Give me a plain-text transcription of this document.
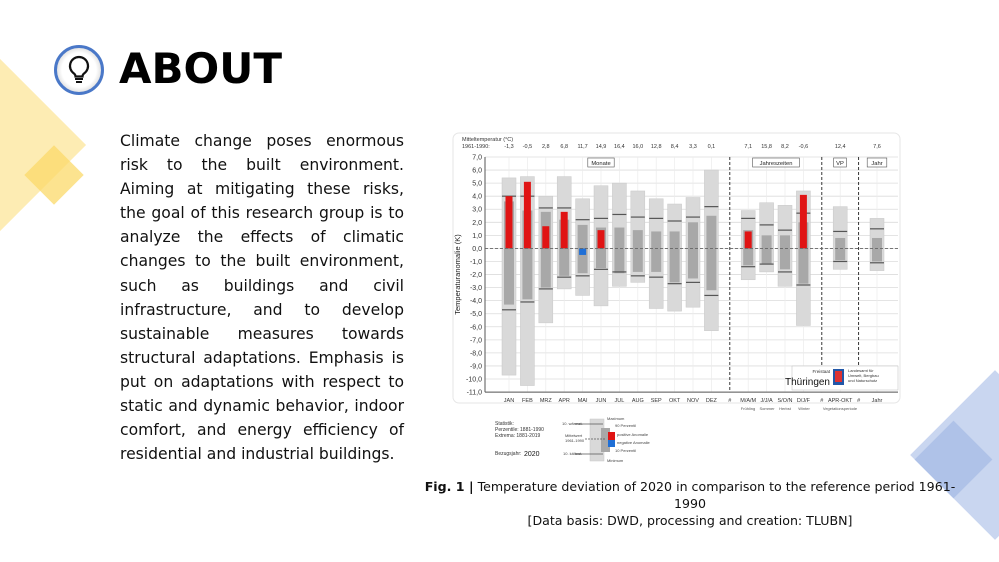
ABOUT
Climate change poses enormous risk to the built environment. Aiming at mitigating these risks, the goal of this research group is to analyze the effects of climatic changes to the built environment, such as buildings and civil infrastructure, and to develop sustainable measures towards structural adaptations. Emphasis is put on adaptations with respect to static and dynamic behavior, indoor comfort, and energy efficiency of residential and industrial buildings.
7,0
6,0
5,0
4,0
3,0
2,0
1,0
0,0
-1,0
-2,0
-3,0
-4,0
-5,0
-6,0
-7,0
-8,0
-9,0
-10,0
-11,0
Temperaturanomalie (K)
Mitteltemperatur (°C)
1961-1990:
#	#	#
-1,3
JAN
-0,5
FEB
2,8
MRZ
6,8
APR
11,7
MAI
14,9
JUN
16,4
JUL
16,0
AUG
12,8
SEP
8,4
OKT
3,3
NOV
0,1
DEZ
7,1
M/A/M
15,8
J/J/A
8,2
S/O/N
-0,6
D/J/F
12,4
APR-OKT
7,6
Jahr
Monate	Jahreszeiten	VP	Jahr
Frühling Sommer Herbst Winter	Vegetationsperiode
Freistaat
Thüringen
Landesamt für
Umwelt, Bergbau
und Naturschutz
Statistik:
Perzentile: 1881-1990
Extrema: 1881-2019
Bezugsjahr: 2020
10. wärmst.
Mittelwert
1961-1990
10. kältest.
Maximum
90 Perzentil
positive Anomalie
negative Anomalie
10 Perzentil
Minimum
Fig. 1 | Temperature deviation of 2020 in comparison to the reference period 1961-1990
[Data basis: DWD, processing and creation: TLUBN]
